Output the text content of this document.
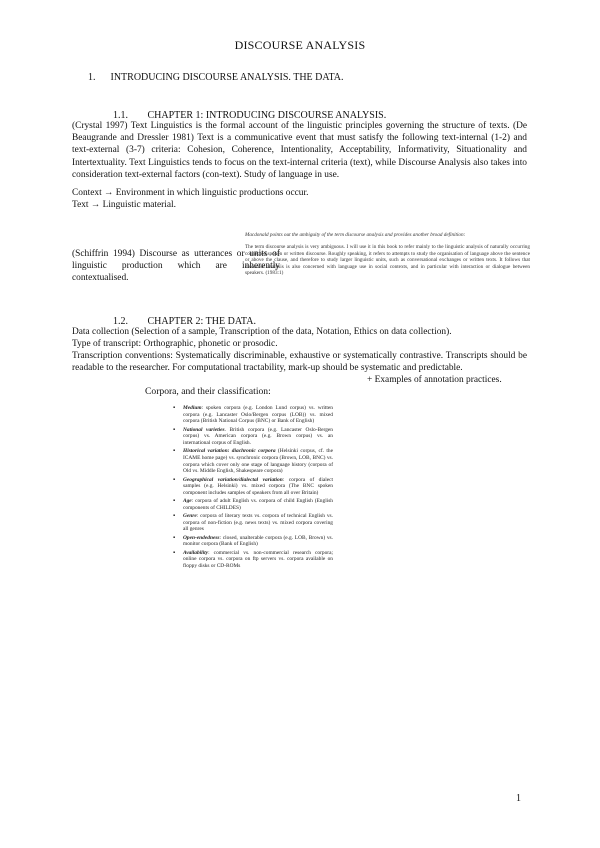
DISCOURSE ANALYSIS
1. INTRODUCING DISCOURSE ANALYSIS. THE DATA.
1.1. CHAPTER 1: INTRODUCING DISCOURSE ANALYSIS.
(Crystal 1997) Text Linguistics is the formal account of the linguistic principles governing the structure of texts. (De Beaugrande and Dressler 1981) Text is a communicative event that must satisfy the following text-internal (1-2) and text-external (3-7) criteria: Cohesion, Coherence, Intentionality, Acceptability, Informativity, Situationality and Intertextuality. Text Linguistics tends to focus on the text-internal criteria (text), while Discourse Analysis also takes into consideration text-external factors (con-text). Study of language in use.
Context → Environment in which linguistic productions occur.
Text → Linguistic material.
Macdonald points out the ambiguity of the term discourse analysis and provides another broad definition:
The term discourse analysis is very ambiguous. I will use it in this book to refer mainly to the linguistic analysis of naturally occurring connected spoken or written discourse. Roughly speaking, it refers to attempts to study the organisation of language above the sentence or above the clause, and therefore to study larger linguistic units, such as conversational exchanges or written texts. It follows that discourse analysis is also concerned with language use in social contexts, and in particular with interaction or dialogue between speakers. (1983:1)
(Schiffrin 1994) Discourse as utterances or units of linguistic production which are inherently contextualised.
1.2. CHAPTER 2: THE DATA.
Data collection (Selection of a sample, Transcription of the data, Notation, Ethics on data collection).
Type of transcript: Orthographic, phonetic or prosodic.
Transcription conventions: Systematically discriminable, exhaustive or systematically contrastive. Transcripts should be readable to the researcher. For computational tractability, mark-up should be systematic and predictable.
+ Examples of annotation practices.
Corpora, and their classification:
▪ Medium: spoken corpora (e.g. London Lund corpus) vs. written corpora (e.g. Lancaster Oslo/Bergen corpus (LOB)) vs. mixed corpora (British National Corpus (BNC) or Bank of English)
▪ National varieties. British corpora (e.g. Lancaster Oslo-Bergen corpus) vs. American corpora (e.g. Brown corpus) vs. an international corpus of English.
▪ Historical variation: diachronic corpora (Helsinki corpus, cf. the ICAME home page) vs. synchronic corpora (Brown, LOB, BNC) vs. corpora which cover only one stage of language history (corpora of Old vs. Middle English, Shakespeare corpora)
▪ Geographical variation/dialectal variation: corpora of dialect samples (e.g. Helsinki) vs. mixed corpora (The BNC spoken component includes samples of speakers from all over Britain)
▪ Age: corpora of adult English vs. corpora of child English (English components of CHILDES)
▪ Genre: corpora of literary texts vs. corpora of technical English vs. corpora of non-fiction (e.g. news texts) vs. mixed corpora covering all genres
▪ Open-endedness: closed, unalterable corpora (e.g. LOB, Brown) vs. monitor corpora (Bank of English)
▪ Availability: commercial vs. non-commercial research corpora; online corpora vs. corpora on ftp servers vs. corpora available on floppy disks or CD-ROMs
1
